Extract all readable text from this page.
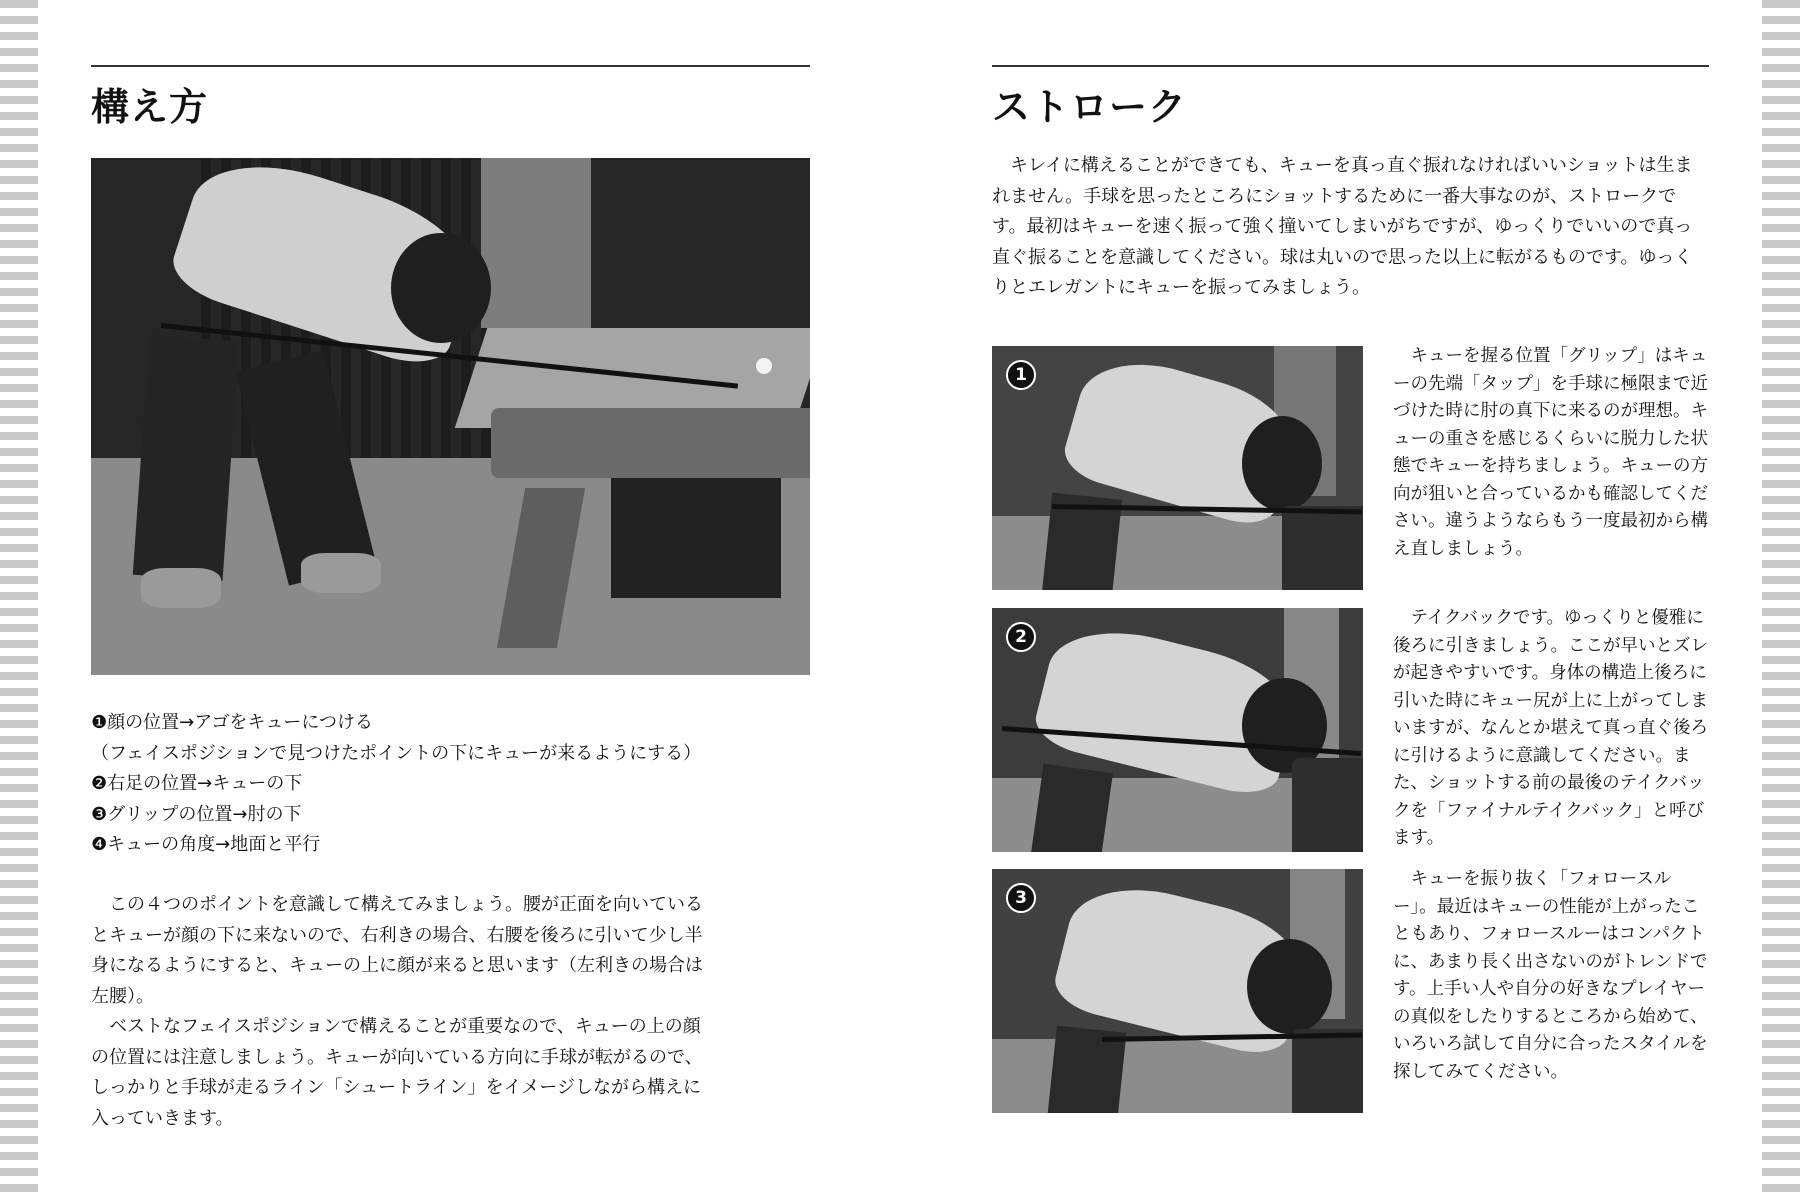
構え方
❶顔の位置→アゴをキューにつける
（フェイスポジションで見つけたポイントの下にキューが来るようにする）
❷右足の位置→キューの下
❸グリップの位置→肘の下
❹キューの角度→地面と平行

この４つのポイントを意識して構えてみましょう。腰が正面を向いているとキューが顔の下に来ないので、右利きの場合、右腰を後ろに引いて少し半身になるようにすると、キューの上に顔が来ると思います（左利きの場合は左腰）。

ベストなフェイスポジションで構えることが重要なので、キューの上の顔の位置には注意しましょう。キューが向いている方向に手球が転がるので、しっかりと手球が走るライン「シュートライン」をイメージしながら構えに入っていきます。

ストローク

キレイに構えることができても、キューを真っ直ぐ振れなければいいショットは生まれません。手球を思ったところにショットするために一番大事なのが、ストロークです。最初はキューを速く振って強く撞いてしまいがちですが、ゆっくりでいいので真っ直ぐ振ることを意識してください。球は丸いので思った以上に転がるものです。ゆっくりとエレガントにキューを振ってみましょう。

1

キューを握る位置「グリップ」はキューの先端「タップ」を手球に極限まで近づけた時に肘の真下に来るのが理想。キューの重さを感じるくらいに脱力した状態でキューを持ちましょう。キューの方向が狙いと合っているかも確認してください。違うようならもう一度最初から構え直しましょう。

2

テイクバックです。ゆっくりと優雅に後ろに引きましょう。ここが早いとズレが起きやすいです。身体の構造上後ろに引いた時にキュー尻が上に上がってしまいますが、なんとか堪えて真っ直ぐ後ろに引けるように意識してください。また、ショットする前の最後のテイクバックを「ファイナルテイクバック」と呼びます。

3

キューを振り抜く「フォロースルー」。最近はキューの性能が上がったこともあり、フォロースルーはコンパクトに、あまり長く出さないのがトレンドです。上手い人や自分の好きなプレイヤーの真似をしたりするところから始めて、いろいろ試して自分に合ったスタイルを探してみてください。
